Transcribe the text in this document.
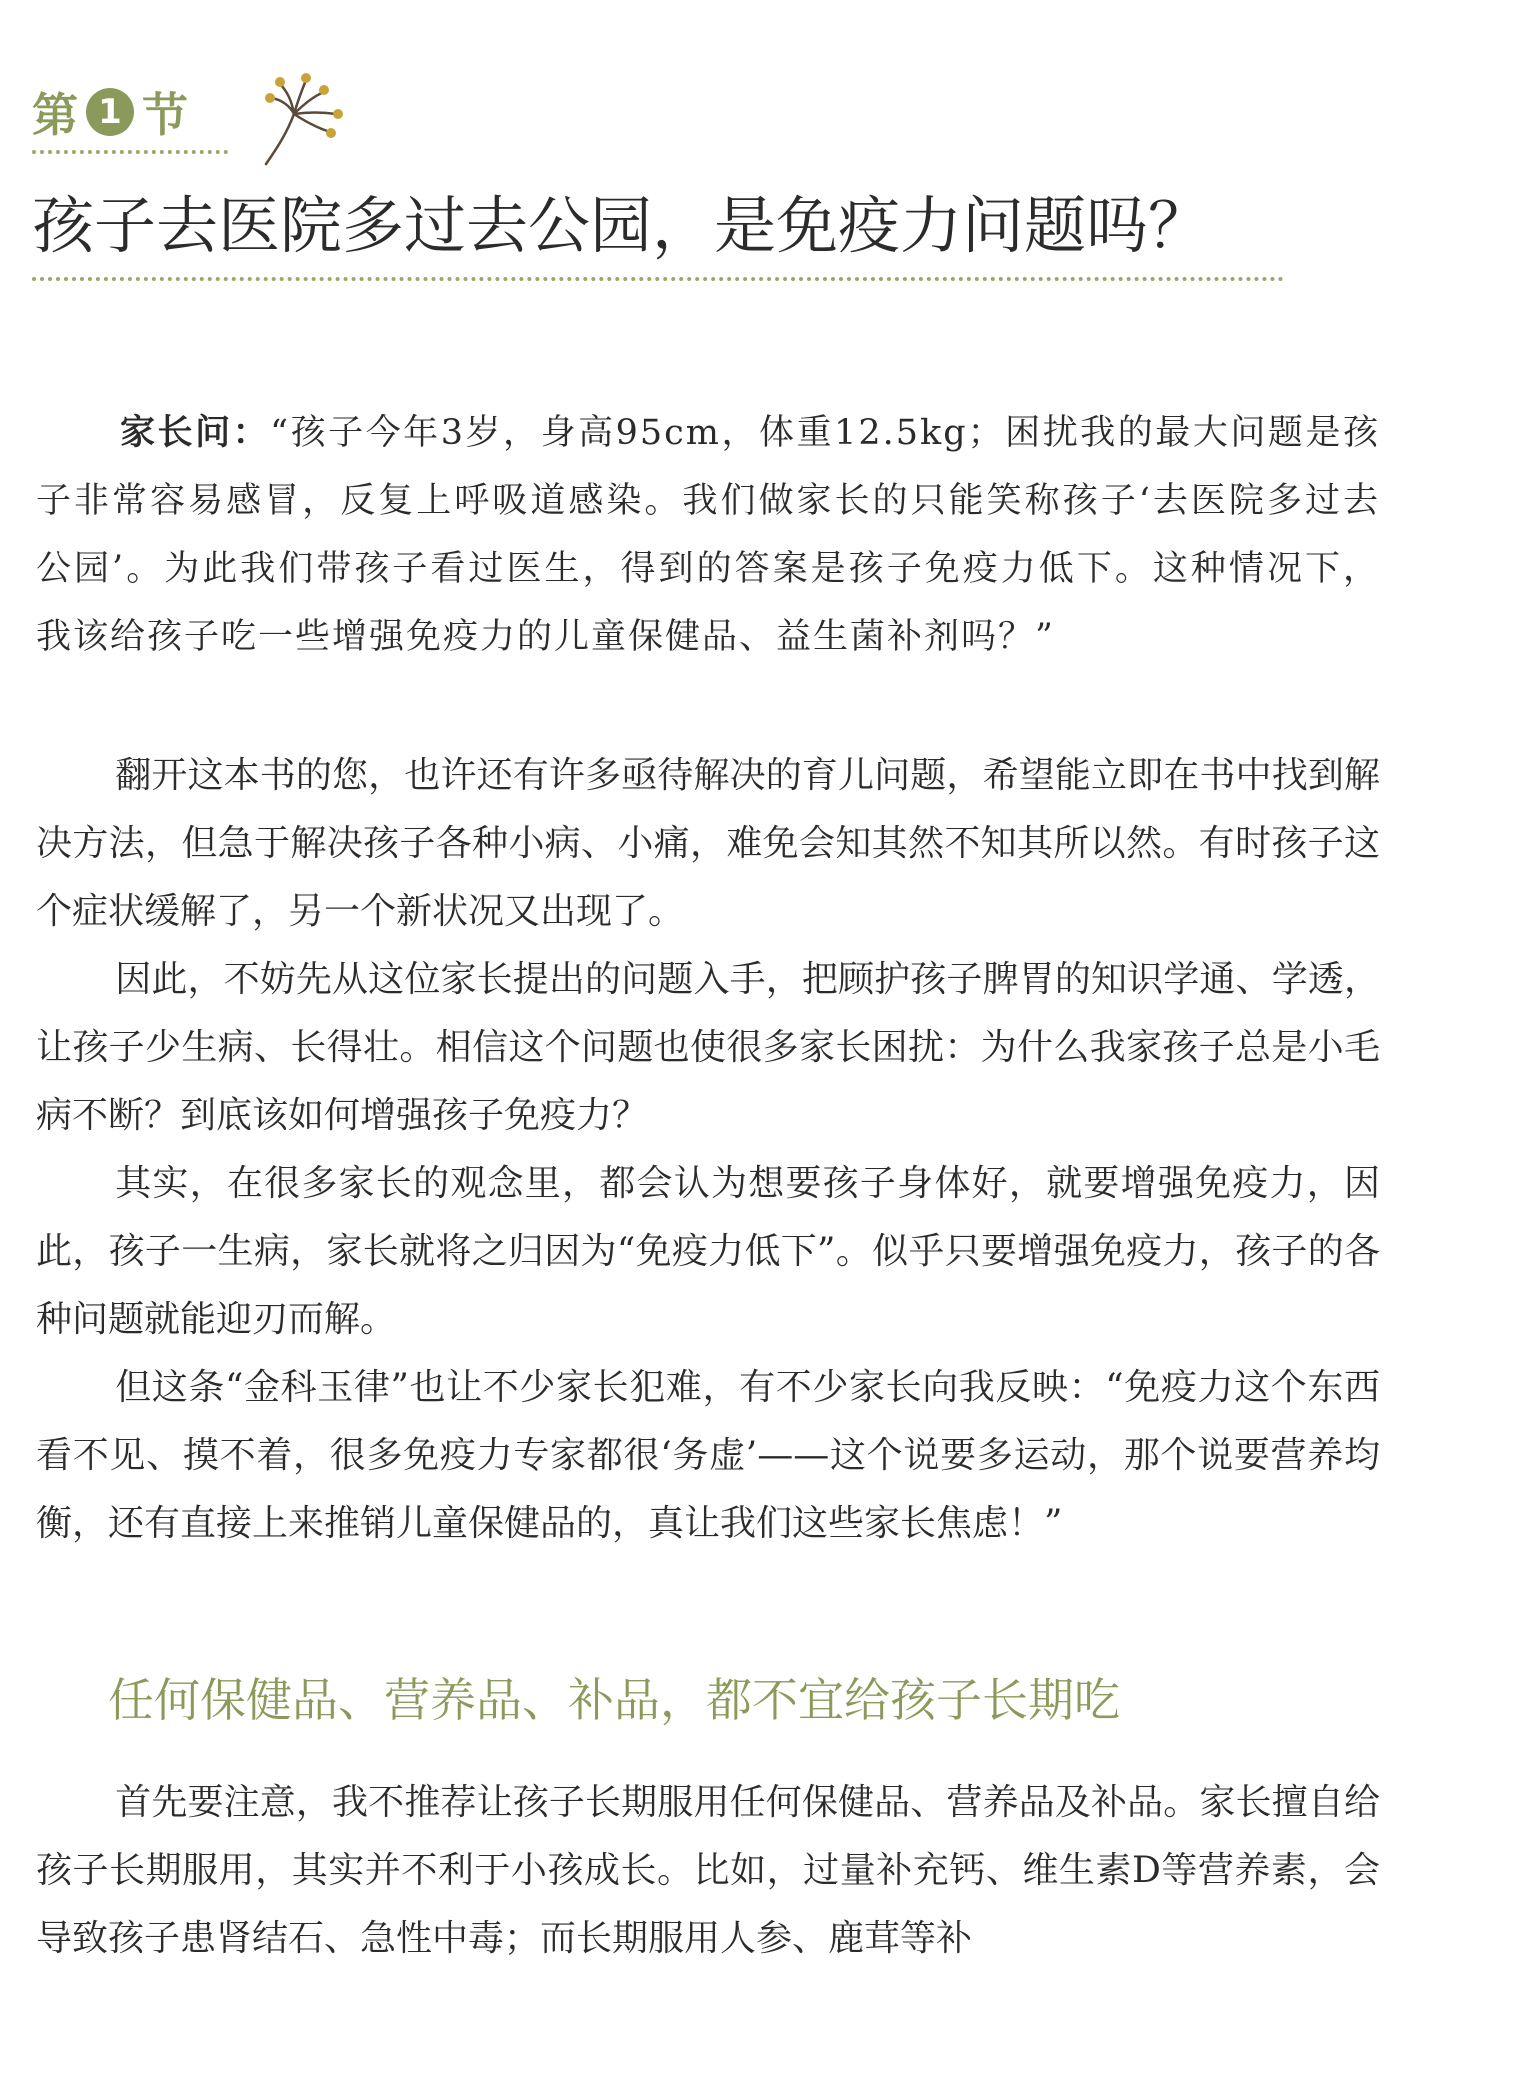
第 1 节
孩子去医院多过去公园，是免疫力问题吗？
家长问：“孩子今年3岁，身高95cm，体重12.5kg；困扰我的最大问题是孩子非常容易感冒，反复上呼吸道感染。我们做家长的只能笑称孩子‘去医院多过去公园’。为此我们带孩子看过医生，得到的答案是孩子免疫力低下。这种情况下，我该给孩子吃一些增强免疫力的儿童保健品、益生菌补剂吗？”

翻开这本书的您，也许还有许多亟待解决的育儿问题，希望能立即在书中找到解决方法，但急于解决孩子各种小病、小痛，难免会知其然不知其所以然。有时孩子这个症状缓解了，另一个新状况又出现了。

因此，不妨先从这位家长提出的问题入手，把顾护孩子脾胃的知识学通、学透，让孩子少生病、长得壮。相信这个问题也使很多家长困扰：为什么我家孩子总是小毛病不断？到底该如何增强孩子免疫力？

其实，在很多家长的观念里，都会认为想要孩子身体好，就要增强免疫力，因此，孩子一生病，家长就将之归因为“免疫力低下”。似乎只要增强免疫力，孩子的各种问题就能迎刃而解。

但这条“金科玉律”也让不少家长犯难，有不少家长向我反映：“免疫力这个东西看不见、摸不着，很多免疫力专家都很‘务虚’——这个说要多运动，那个说要营养均衡，还有直接上来推销儿童保健品的，真让我们这些家长焦虑！”

任何保健品、营养品、补品，都不宜给孩子长期吃

首先要注意，我不推荐让孩子长期服用任何保健品、营养品及补品。家长擅自给孩子长期服用，其实并不利于小孩成长。比如，过量补充钙、维生素D等营养素，会导致孩子患肾结石、急性中毒；而长期服用人参、鹿茸等补
